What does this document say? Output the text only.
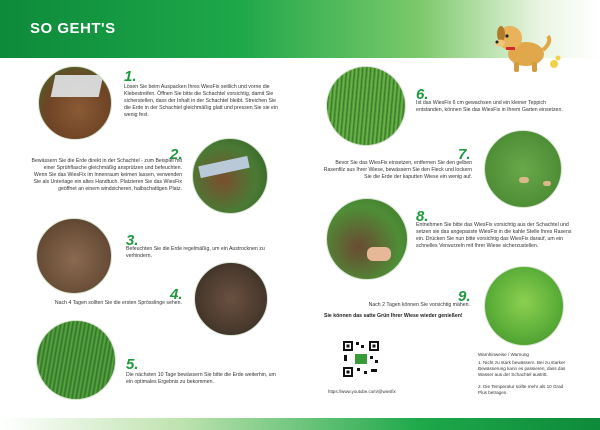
SO GEHT'S
1.
Lösen Sie beim Auspacken Ihres WiesFix seitlich und vorne die Klebestreifen. Öffnen Sie bitte die Schachtel vorsichtig, damit Sie sicherstellen, dass der Inhalt in der Schachtel bleibt. Streichen Sie die Erde in der Schachtel gleichmäßig glatt und pressen Sie sie ein wenig fest.
2.
Bewässern Sie die Erde direkt in der Schachtel - zum Beispiel mit einer Sprühflasche gleichmäßig ansprützen und befeuchten. Wenn Sie das WiesFix im Innenraum keimen lassen, verwenden Sie als Unterlage ein altes Handtuch. Platzieren Sie das WiesFix geöffnet an einem windsicheren, halbschattigen Platz.
3.
Befeuchten Sie die Erde regelmäßig, um ein Austrocknen zu verhindern.
4.
Nach 4 Tagen sollten Sie die ersten Sprösslinge sehen.
5.
Die nächsten 10 Tage bewässern Sie bitte die Erde weiterhin, um ein optimales Ergebnis zu bekommen.
6.
Ist das WiesFix 6 cm gewachsen und ein kleiner Teppich entstanden, können Sie das WiesFix in Ihrem Garten einsetzen.
7.
Bevor Sie das WiesFix einsetzen, entfernen Sie den gelben Rasenfilz aus Ihrer Wiese, bewässern Sie den Fleck und lockern Sie die Erde der kaputten Wiese ein wenig auf.
8.
Entnehmen Sie bitte das WiesFix vorsichtig aus der Schachtel und setzen sie das angepasste WiesFix in die kahle Stelle Ihres Rasens ein. Drücken Sie nun bitte vorsichtig das WiesFix darauf, um ein schnelles Verwurzeln mit Ihrer Wiese sicherzustellen.
9.
Nach 2 Tagen können Sie vorsichtig mähen.
Sie können das satte Grün Ihrer Wiese wieder genießen!
https://www.youtube.com/@wiesfix
Warnhinweise / Warnung
1. Nicht zu stark bewässern. Bei zu starker Bewässerung kann es passieren, dass das Wasser aus der Schachtel austritt.
2. Die Temperatur sollte mehr als 10 Grad Plus betragen.
